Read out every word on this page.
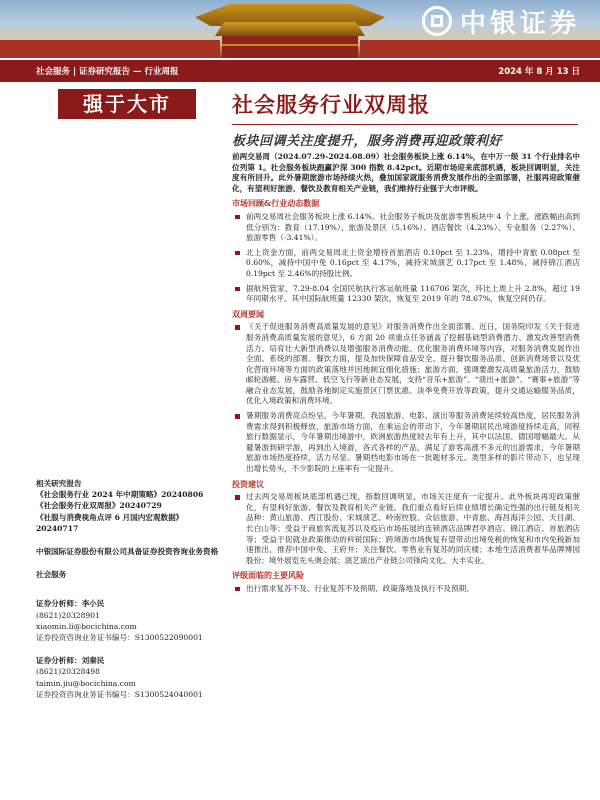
中银证券
社会服务 | 证券研究报告 — 行业周报	2024 年 8 月 13 日
强于大市	社会服务行业双周报
板块回调关注度提升，服务消费再迎政策利好

前两交易周（2024.07.29-2024.08.09）社会服务板块上涨 6.14%，在中万一级 31 个行业排名中位列第 1。社会服务板块跑赢沪深 300 指数 8.42pct。近期市场迎来底部机遇，板块回调明显，关注度有所回升。此外暑期旅游市场持续火热，叠加国家就服务消费发展作出的全面部署，社服再迎政策催化，有望利好旅游、餐饮及教育相关产业链，我们维持行业强于大市评级。

市场回顾&行业动态数据

前两交易周社会服务板块上涨 6.14%。社会服务子板块及旅游零售板块中 4 个上涨，涨跌幅由高到低分别为：教育（17.19%）、旅游及景区（5.16%）、酒店餐饮（4.23%）、专业服务（2.27%）、旅游零售（-3.41%）。

北上资金方面，前两交易周北上资金增持首旅酒店 0.10pct 至 1.23%，增持中青旅 0.08pct 至 0.60%，减持中国中免 0.16pct 至 4.17%，减持宋城演艺 0.17pct 至 1.48%，减持锦江酒店 0.19pct 至 2.46%的持股比例。

据航班管家，7.29-8.04 全国民航执行客运航班量 116706 架次，环比上周上升 2.8%，超过 19 年同期水平。其中国际航班量 12330 架次，恢复至 2019 年的 78.67%，恢复空间仍存。

双周要闻

《关于促进服务消费高质量发展的意见》对服务消费作出全面部署。近日，国务院印发《关于促进服务消费高质量发展的意见》，6 方面 20 项重点任务涵盖了挖掘基础型消费潜力、激发改善型消费活力、培育壮大新型消费以及增强服务消费动能、优化服务消费环境等内容，对服务消费发展作出全面、系统的部署。餐饮方面，提及加快保障食品安全、提升餐饮服务品质、创新消费场景以及优化营商环境等方面的政策落地并因地制宜细化措施；旅游方面，强调要激发高质量旅游活力，鼓励邮轮游艇、房车露营、低空飞行等新业态发展，支持“音乐+旅游”、“演出+旅游”、“赛事+旅游”等融合业态发展，鼓励各地制定实施景区门票优惠、淡季免费开放等政策，提升交通运输服务品质，优化入境政策和消费环境。

暑期服务消费亮点纷呈。今年暑期，我国旅游、电影、演出等服务消费延续较高热度，居民服务消费需求得到积极释放，旅游市场方面，在乘运会的带动下，今年暑期居民出境游度持续走高，同程旅行数据显示，今年暑期出境游中，欧洲旅游热度较去年有上升，其中以法国、德国增幅最大。从避暑游到研学游，再到出入境游，各式各样的产品，满足了游客高涨不多元的出游需求，今年暑期旅游市场热度持续，活力尽显。暑期档电影市场在一批题材多元、类型多样的影片带动下，也呈现出增长势头，不少影院的上座率有一定提升。

投资建议

过去两交易周板块底部机遇已现，指数回调明显，市场关注度有一定提升。此外板块再迎政策催化，有望利好旅游、餐饮及教育相关产业链。我们重点看好后续业绩增长确定性强的出行链及相关品种：黄山旅游、西江股份、宋城演艺、岭南控股、众信旅游、中青旅、海昌海洋公园、天目湖、长白山等；受益于商旅客流复苏以及疫后市场拓展的连锁酒店品牌君亭酒店、锦江酒店、首旅酒店等；受益于促就业政策推动的科锐国际；跨境游市场恢复有望带动出境免税的恢复和市内免税新加速推出，推荐中国中免、王府井；关注餐饮、零售业有复苏的同庆楼；本地生活消费奢华品牌博园股份；境外展览先头奥会展；演艺演出产业链公司锋尚文化、大丰实业。

评级面临的主要风险

出行需求复苏不及、行业复苏不及预期、政策落地及执行不及预期。

相关研究报告

《社会服务行业 2024 年中期策略》20240806

《社会服务行业双周报》20240729

《社服与消费视角点评 6 月国内宏观数据》20240717

中银国际证券股份有限公司具备证券投资咨询业务资格

社会服务

证券分析师：李小民

(8621)20328901

xiaomin.li@bocichina.com

证券投资咨询业务证书编号：S1300522090001

证券分析师：刘秦民

(8621)20328498

taimin.jiu@bocichina.com

证券投资咨询业务证书编号：S1300524040001
